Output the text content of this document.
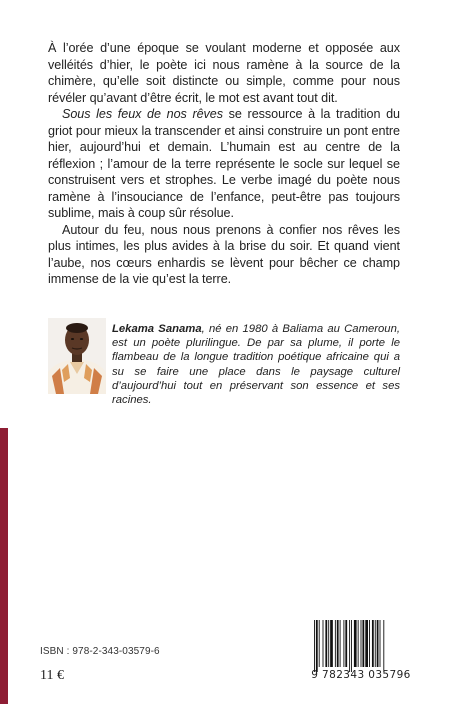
À l’orée d’une époque se voulant moderne et opposée aux velléités d’hier, le poète ici nous ramène à la source de la chimère, qu’elle soit distincte ou simple, comme pour nous révéler qu’avant d’être écrit, le mot est avant tout dit.

Sous les feux de nos rêves se ressource à la tradition du griot pour mieux la transcender et ainsi construire un pont entre hier, aujourd’hui et demain. L’humain est au centre de la réflexion ; l’amour de la terre représente le socle sur lequel se construisent vers et strophes. Le verbe imagé du poète nous ramène à l’insouciance de l’enfance, peut-être pas toujours sublime, mais à coup sûr résolue.

Autour du feu, nous nous prenons à confier nos rêves les plus intimes, les plus avides à la brise du soir. Et quand vient l’aube, nos cœurs enhardis se lèvent pour bêcher ce champ immense de la vie qu’est la terre.

Lekama Sanama, né en 1980 à Baliama au Cameroun, est un poète plurilingue. De par sa plume, il porte le flambeau de la longue tradition poétique africaine qui a su se faire une place dans le paysage culturel d’aujourd’hui tout en préservant son essence et ses racines.
ISBN : 978-2-343-03579-6
11 €	9 782343 035796
